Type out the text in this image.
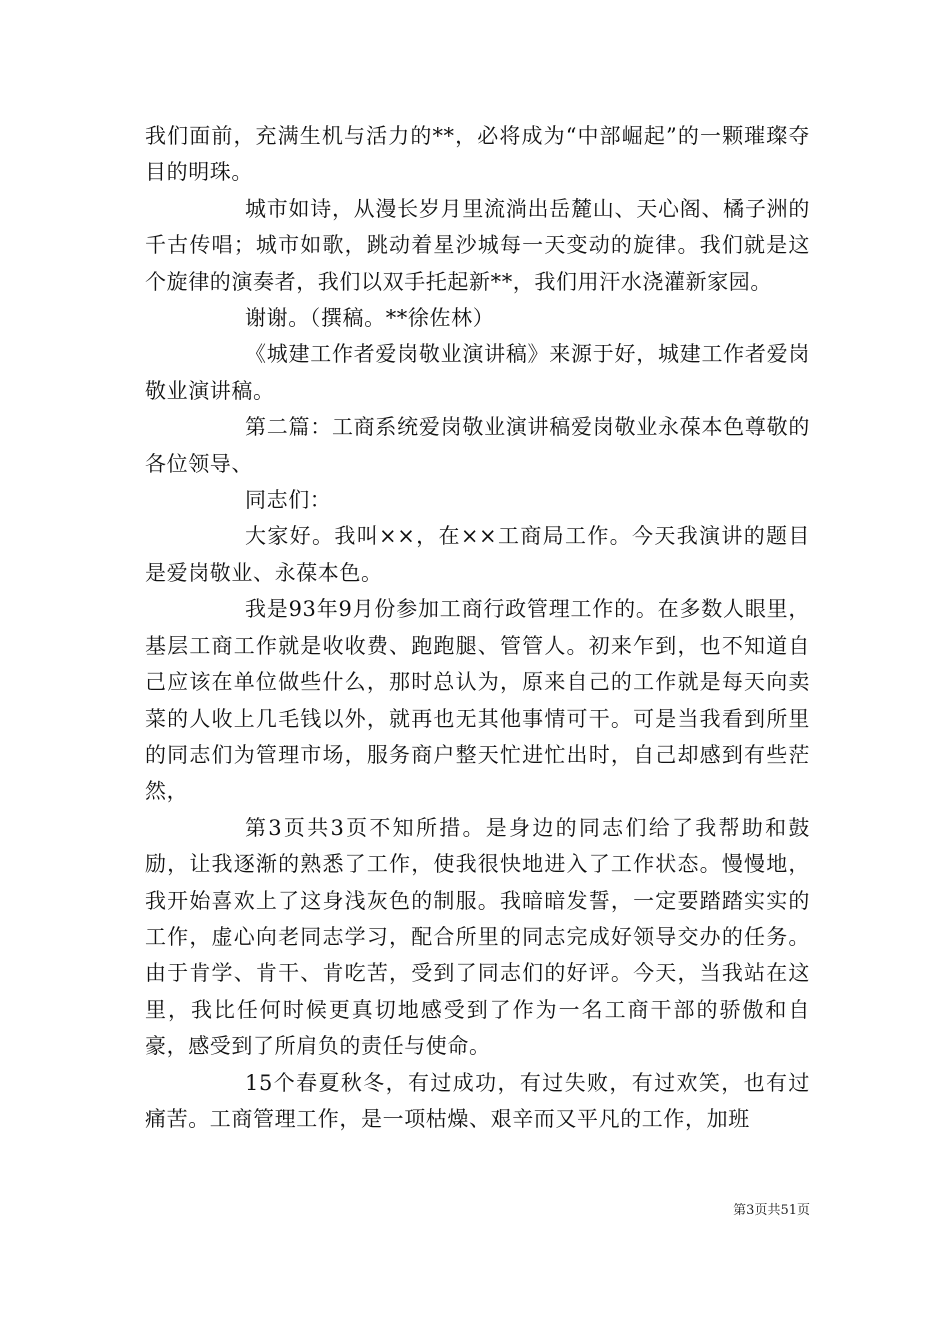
我们面前，充满生机与活力的**，必将成为“中部崛起”的一颗璀璨夺目的明珠。

城市如诗，从漫长岁月里流淌出岳麓山、天心阁、橘子洲的千古传唱；城市如歌，跳动着星沙城每一天变动的旋律。我们就是这个旋律的演奏者，我们以双手托起新**，我们用汗水浇灌新家园。

谢谢。（撰稿。**徐佐林）

《城建工作者爱岗敬业演讲稿》来源于好，城建工作者爱岗敬业演讲稿。

第二篇：工商系统爱岗敬业演讲稿爱岗敬业永葆本色尊敬的各位领导、

同志们：

大家好。我叫××，在××工商局工作。今天我演讲的题目是爱岗敬业、永葆本色。

我是93年9月份参加工商行政管理工作的。在多数人眼里，基层工商工作就是收收费、跑跑腿、管管人。初来乍到，也不知道自己应该在单位做些什么，那时总认为，原来自己的工作就是每天向卖菜的人收上几毛钱以外，就再也无其他事情可干。可是当我看到所里的同志们为管理市场，服务商户整天忙进忙出时，自己却感到有些茫然，

第3页共3页不知所措。是身边的同志们给了我帮助和鼓励，让我逐渐的熟悉了工作，使我很快地进入了工作状态。慢慢地，我开始喜欢上了这身浅灰色的制服。我暗暗发誓，一定要踏踏实实的工作，虚心向老同志学习，配合所里的同志完成好领导交办的任务。由于肯学、肯干、肯吃苦，受到了同志们的好评。今天，当我站在这里，我比任何时候更真切地感受到了作为一名工商干部的骄傲和自豪，感受到了所肩负的责任与使命。

15个春夏秋冬，有过成功，有过失败，有过欢笑，也有过痛苦。工商管理工作，是一项枯燥、艰辛而又平凡的工作，加班

第3页共51页
